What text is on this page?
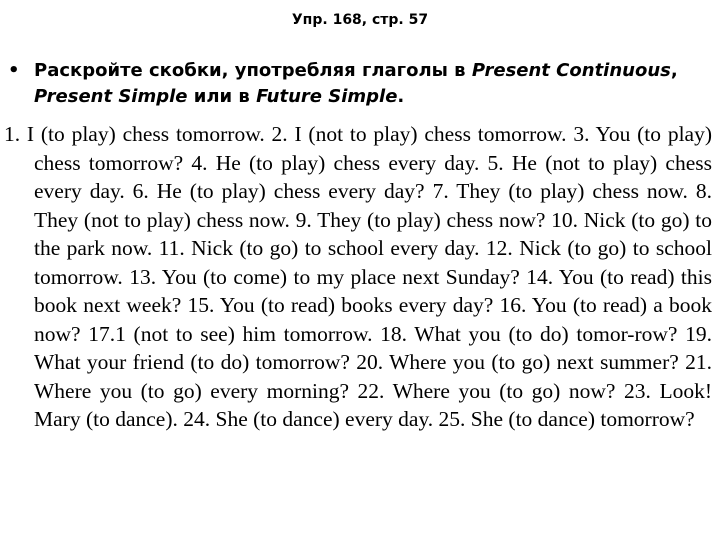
Упр. 168, стр. 57
• Раскройте скобки, употребляя глаголы в Present Continuous, Present Simple или в Future Simple.
1. I (to play) chess tomorrow. 2. I (not to play) chess tomorrow. 3. You (to play) chess tomorrow? 4. He (to play) chess every day. 5. He (not to play) chess every day. 6. He (to play) chess every day? 7. They (to play) chess now. 8. They (not to play) chess now. 9. They (to play) chess now? 10. Nick (to go) to the park now. 11. Nick (to go) to school every day. 12. Nick (to go) to school tomorrow. 13. You (to come) to my place next Sunday? 14. You (to read) this book next week? 15. You (to read) books every day? 16. You (to read) a book now? 17.1 (not to see) him tomorrow. 18. What you (to do) tomor-row? 19. What your friend (to do) tomorrow? 20. Where you (to go) next summer? 21. Where you (to go) every morning? 22. Where you (to go) now? 23. Look! Mary (to dance). 24. She (to dance) every day. 25. She (to dance) tomorrow?
